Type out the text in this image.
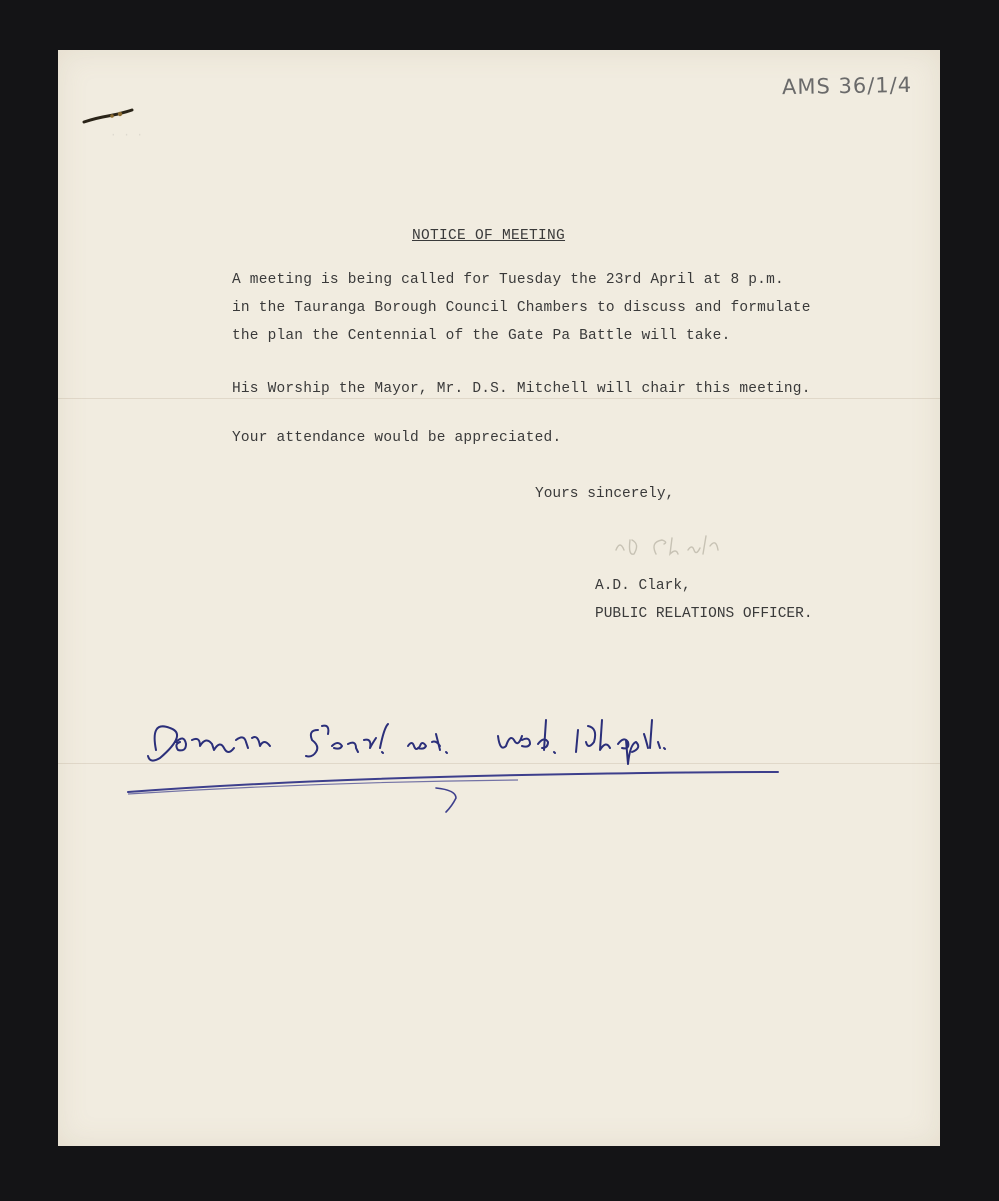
AMS 36/1/4
NOTICE OF MEETING
A meeting is being called for Tuesday the 23rd April at 8 p.m.
in the Tauranga Borough Council Chambers to discuss and formulate
the plan the Centennial of the Gate Pa Battle will take.
His Worship the Mayor, Mr. D.S. Mitchell will chair this meeting.
Your attendance would be appreciated.
Yours sincerely,
A.D. Clark,
PUBLIC RELATIONS OFFICER.
· · ·
